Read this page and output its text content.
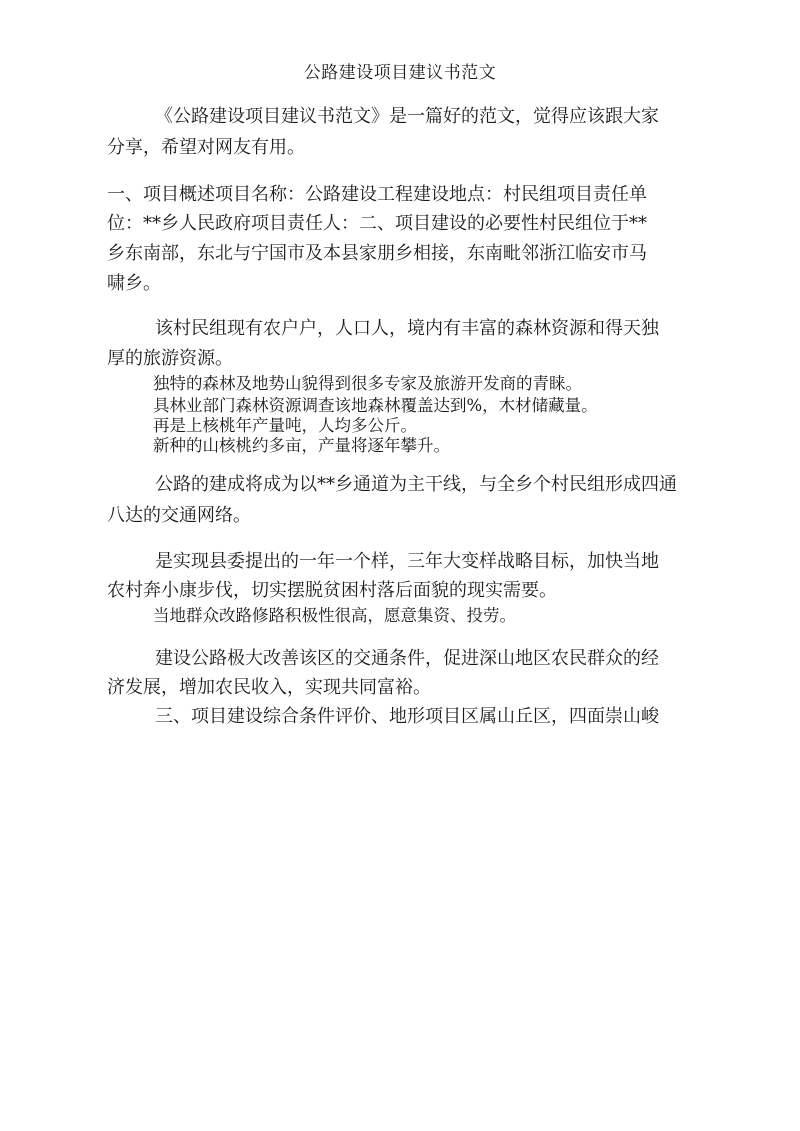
公路建设项目建议书范文
《公路建设项目建议书范文》是一篇好的范文，觉得应该跟大家
分享，希望对网友有用。
一、项目概述项目名称：公路建设工程建设地点：村民组项目责任单
位：**乡人民政府项目责任人：二、项目建设的必要性村民组位于**
乡东南部，东北与宁国市及本县家朋乡相接，东南毗邻浙江临安市马
啸乡。
该村民组现有农户户，人口人，境内有丰富的森林资源和得天独
厚的旅游资源。
独特的森林及地势山貌得到很多专家及旅游开发商的青睐。
具林业部门森林资源调查该地森林覆盖达到%，木材储藏量。
再是上核桃年产量吨，人均多公斤。
新种的山核桃约多亩，产量将逐年攀升。
公路的建成将成为以**乡通道为主干线，与全乡个村民组形成四通
八达的交通网络。
是实现县委提出的一年一个样，三年大变样战略目标，加快当地
农村奔小康步伐，切实摆脱贫困村落后面貌的现实需要。
当地群众改路修路积极性很高，愿意集资、投劳。
建设公路极大改善该区的交通条件，促进深山地区农民群众的经
济发展，增加农民收入，实现共同富裕。
三、项目建设综合条件评价、地形项目区属山丘区，四面崇山峻
